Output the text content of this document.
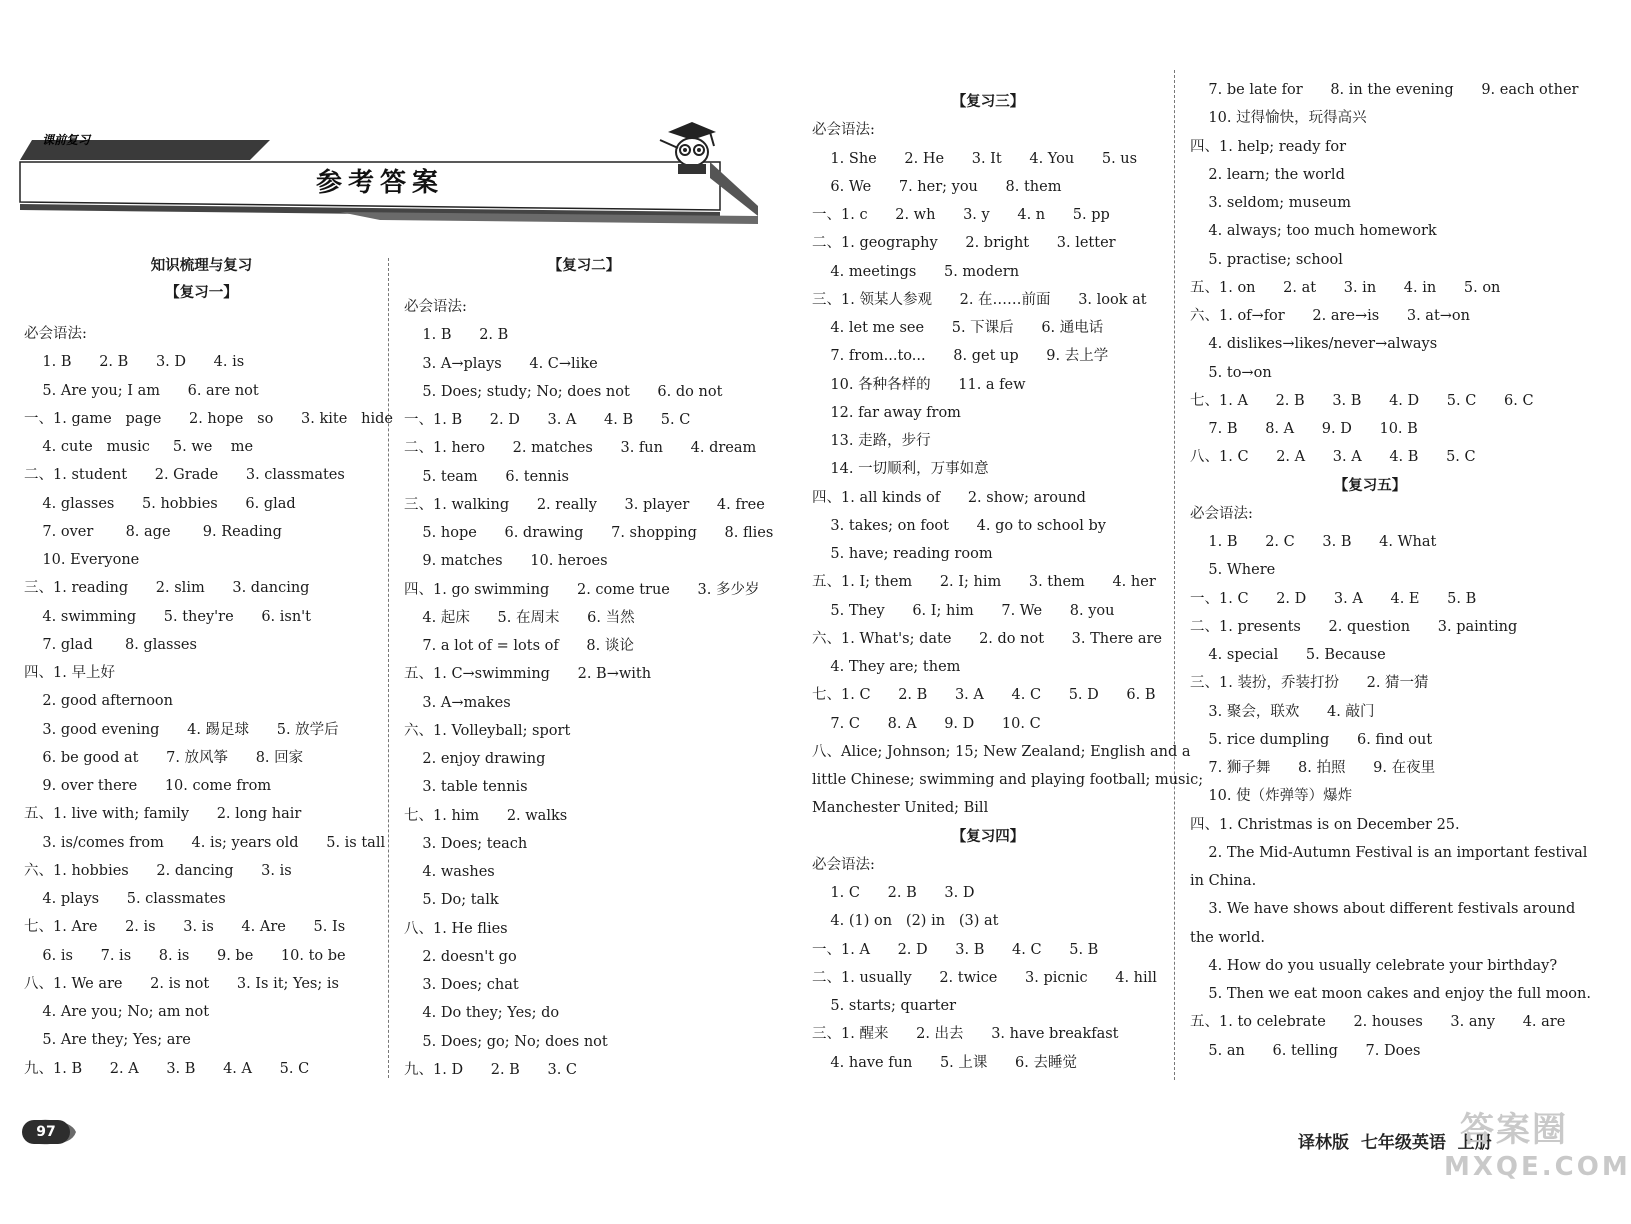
课前复习
参考答案
知识梳理与复习
【复习一】
必会语法:
1. B      2. B      3. D      4. is
5. Are you; I am      6. are not
一、1. game   page      2. hope   so      3. kite   hide
4. cute   music     5. we    me
二、1. student      2. Grade      3. classmates
4. glasses      5. hobbies      6. glad
7. over       8. age       9. Reading
10. Everyone
三、1. reading      2. slim      3. dancing
4. swimming      5. they're      6. isn't
7. glad       8. glasses
四、1. 早上好
2. good afternoon
3. good evening      4. 踢足球      5. 放学后
6. be good at      7. 放风筝      8. 回家
9. over there      10. come from
五、1. live with; family      2. long hair
3. is/comes from      4. is; years old      5. is tall
六、1. hobbies      2. dancing      3. is
4. plays      5. classmates
七、1. Are      2. is      3. is      4. Are      5. Is
6. is      7. is      8. is      9. be      10. to be
八、1. We are      2. is not      3. Is it; Yes; is
4. Are you; No; am not
5. Are they; Yes; are
九、1. B      2. A      3. B      4. A      5. C
【复习二】
必会语法:
1. B      2. B
3. A→plays      4. C→like
5. Does; study; No; does not      6. do not
一、1. B      2. D      3. A      4. B      5. C
二、1. hero      2. matches      3. fun      4. dream
5. team      6. tennis
三、1. walking      2. really      3. player      4. free
5. hope      6. drawing      7. shopping      8. flies
9. matches      10. heroes
四、1. go swimming      2. come true      3. 多少岁
4. 起床      5. 在周末      6. 当然
7. a lot of = lots of      8. 谈论
五、1. C→swimming      2. B→with
3. A→makes
六、1. Volleyball; sport
2. enjoy drawing
3. table tennis
七、1. him      2. walks
3. Does; teach
4. washes
5. Do; talk
八、1. He flies
2. doesn't go
3. Does; chat
4. Do they; Yes; do
5. Does; go; No; does not
九、1. D      2. B      3. C
【复习三】
必会语法:
1. She      2. He      3. It      4. You      5. us
6. We      7. her; you      8. them
一、1. c      2. wh      3. y      4. n      5. pp
二、1. geography      2. bright      3. letter
4. meetings      5. modern
三、1. 领某人参观      2. 在……前面      3. look at
4. let me see      5. 下课后      6. 通电话
7. from...to...      8. get up      9. 去上学
10. 各种各样的      11. a few
12. far away from
13. 走路，步行
14. 一切顺利，万事如意
四、1. all kinds of      2. show; around
3. takes; on foot      4. go to school by
5. have; reading room
五、1. I; them      2. I; him      3. them      4. her
5. They      6. I; him      7. We      8. you
六、1. What's; date      2. do not      3. There are
4. They are; them
七、1. C      2. B      3. A      4. C      5. D      6. B
7. C      8. A      9. D      10. C
八、Alice; Johnson; 15; New Zealand; English and a
little Chinese; swimming and playing football; music;
Manchester United; Bill
【复习四】
必会语法:
1. C      2. B      3. D
4. (1) on   (2) in   (3) at
一、1. A      2. D      3. B      4. C      5. B
二、1. usually      2. twice      3. picnic      4. hill
5. starts; quarter
三、1. 醒来      2. 出去      3. have breakfast
4. have fun      5. 上课      6. 去睡觉
7. be late for      8. in the evening      9. each other
10. 过得愉快，玩得高兴
四、1. help; ready for
2. learn; the world
3. seldom; museum
4. always; too much homework
5. practise; school
五、1. on      2. at      3. in      4. in      5. on
六、1. of→for      2. are→is      3. at→on
4. dislikes→likes/never→always
5. to→on
七、1. A      2. B      3. B      4. D      5. C      6. C
7. B      8. A      9. D      10. B
八、1. C      2. A      3. A      4. B      5. C
【复习五】
必会语法:
1. B      2. C      3. B      4. What
5. Where
一、1. C      2. D      3. A      4. E      5. B
二、1. presents      2. question      3. painting
4. special      5. Because
三、1. 装扮，乔装打扮      2. 猜一猜
3. 聚会，联欢      4. 敲门
5. rice dumpling      6. find out
7. 狮子舞      8. 拍照      9. 在夜里
10. 使（炸弹等）爆炸
四、1. Christmas is on December 25.
2. The Mid-Autumn Festival is an important festival
in China.
3. We have shows about different festivals around
the world.
4. How do you usually celebrate your birthday?
5. Then we eat moon cakes and enjoy the full moon.
五、1. to celebrate      2. houses      3. any      4. are
5. an      6. telling      7. Does
97
译林版  七年级英语  上册
答案圈
MXQE.COM
